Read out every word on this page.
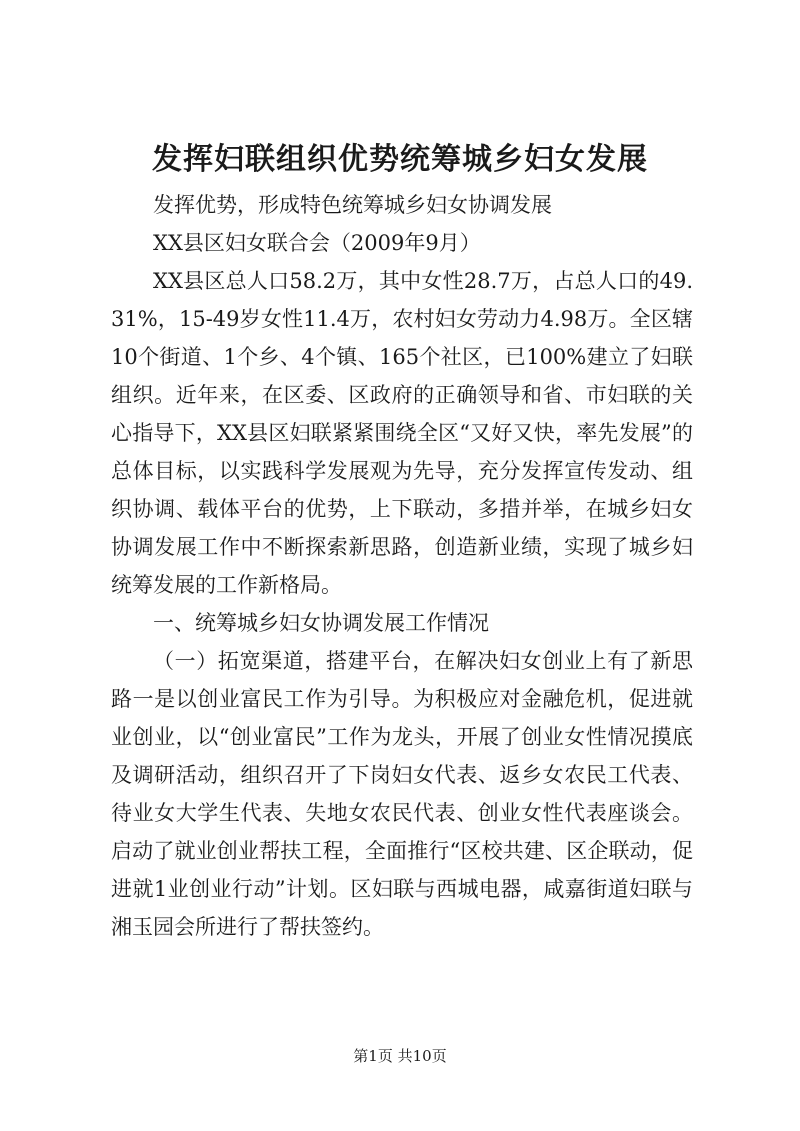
发挥妇联组织优势统筹城乡妇女发展

发挥优势，形成特色统筹城乡妇女协调发展

XX县区妇女联合会（2009年9月）

XX县区总人口58.2万，其中女性28.7万，占总人口的49.31%，15-49岁女性11.4万，农村妇女劳动力4.98万。全区辖10个街道、1个乡、4个镇、165个社区，已100%建立了妇联组织。近年来，在区委、区政府的正确领导和省、市妇联的关心指导下，XX县区妇联紧紧围绕全区“又好又快，率先发展”的总体目标，以实践科学发展观为先导，充分发挥宣传发动、组织协调、载体平台的优势，上下联动，多措并举，在城乡妇女协调发展工作中不断探索新思路，创造新业绩，实现了城乡妇统筹发展的工作新格局。

一、统筹城乡妇女协调发展工作情况

（一）拓宽渠道，搭建平台，在解决妇女创业上有了新思路一是以创业富民工作为引导。为积极应对金融危机，促进就业创业，以“创业富民”工作为龙头，开展了创业女性情况摸底及调研活动，组织召开了下岗妇女代表、返乡女农民工代表、待业女大学生代表、失地女农民代表、创业女性代表座谈会。启动了就业创业帮扶工程，全面推行“区校共建、区企联动，促进就1业创业行动”计划。区妇联与西城电器，咸嘉街道妇联与湘玉园会所进行了帮扶签约。

第1页 共10页
